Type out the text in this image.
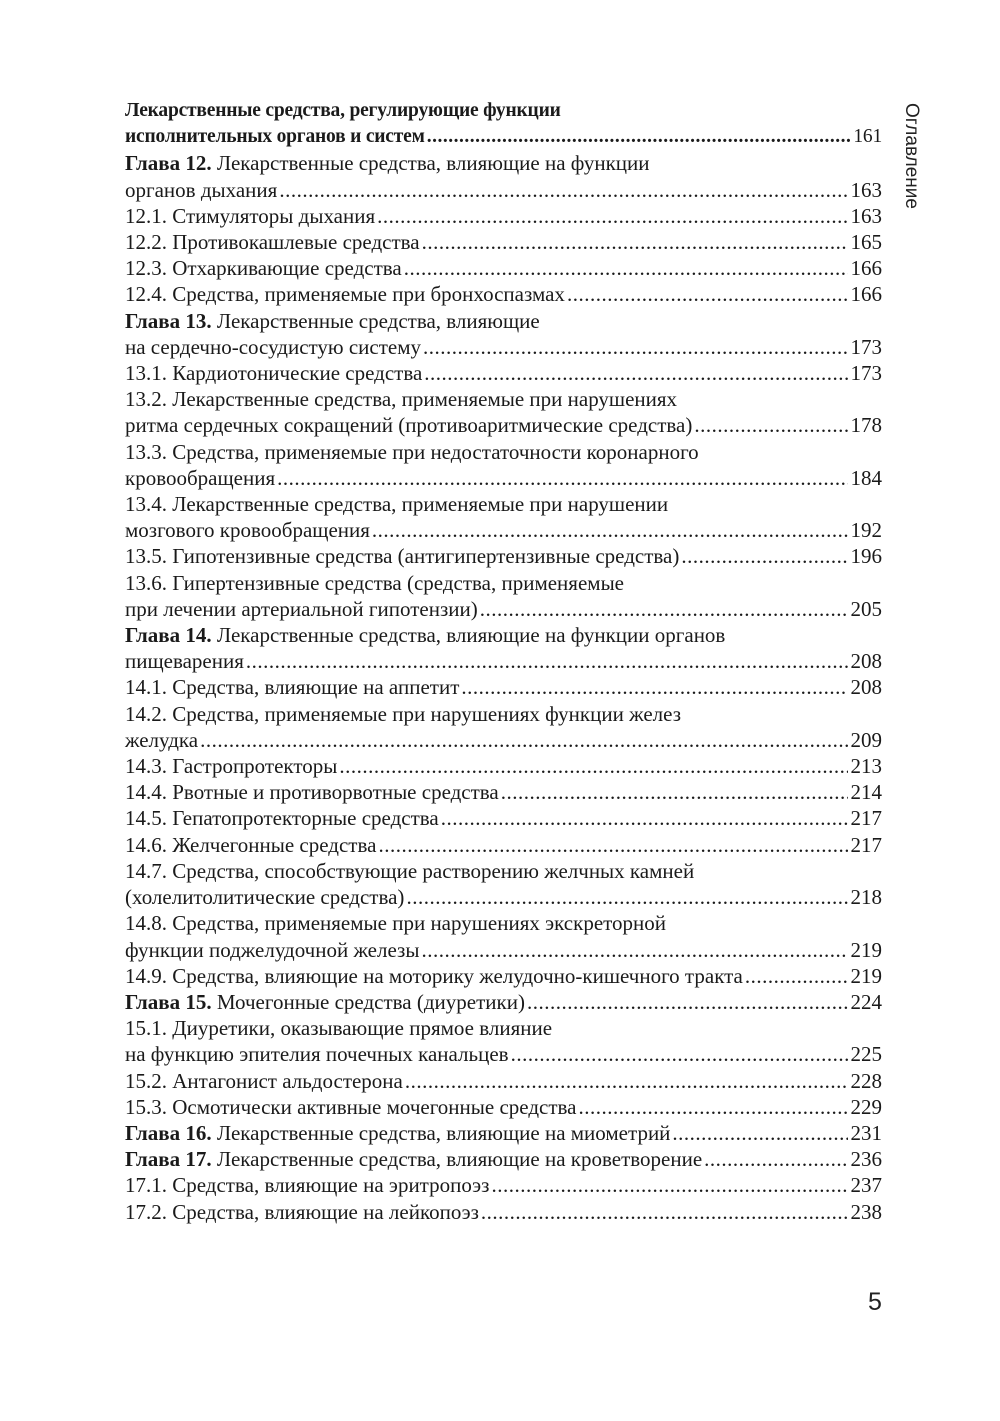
Оглавление
Лекарственные средства, регулирующие функции
исполнительных органов и систем .....	161
Глава 12. Лекарственные средства, влияющие на функции
органов дыхания .....	163
12.1. Стимуляторы дыхания .....	163
12.2. Противокашлевые средства .....	165
12.3. Отхаркивающие средства .....	166
12.4. Средства, применяемые при бронхоспазмах .....	166
Глава 13. Лекарственные средства, влияющие
на сердечно-сосудистую систему .....	173
13.1. Кардиотонические средства .....	173
13.2. Лекарственные средства, применяемые при нарушениях
ритма сердечных сокращений (противоаритмические средства) .....	178
13.3. Средства, применяемые при недостаточности коронарного
кровообращения .....	184
13.4. Лекарственные средства, применяемые при нарушении
мозгового кровообращения .....	192
13.5. Гипотензивные средства (антигипертензивные средства) .....	196
13.6. Гипертензивные средства (средства, применяемые
при лечении артериальной гипотензии) .....	205
Глава 14. Лекарственные средства, влияющие на функции органов
пищеварения .....	208
14.1. Средства, влияющие на аппетит .....	208
14.2. Средства, применяемые при нарушениях функции желез
желудка .....	209
14.3. Гастропротекторы .....	213
14.4. Рвотные и противорвотные средства .....	214
14.5. Гепатопротекторные средства .....	217
14.6. Желчегонные средства .....	217
14.7. Средства, способствующие растворению желчных камней
(холелитолитические средства) .....	218
14.8. Средства, применяемые при нарушениях экскреторной
функции поджелудочной железы .....	219
14.9. Средства, влияющие на моторику желудочно-кишечного тракта .....	219
Глава 15. Мочегонные средства (диуретики) .....	224
15.1. Диуретики, оказывающие прямое влияние
на функцию эпителия почечных канальцев .....	225
15.2. Антагонист альдостерона .....	228
15.3. Осмотически активные мочегонные средства .....	229
Глава 16. Лекарственные средства, влияющие на миометрий .....	231
Глава 17. Лекарственные средства, влияющие на кроветворение .....	236
17.1. Средства, влияющие на эритропоэз .....	237
17.2. Средства, влияющие на лейкопоэз .....	238
5
